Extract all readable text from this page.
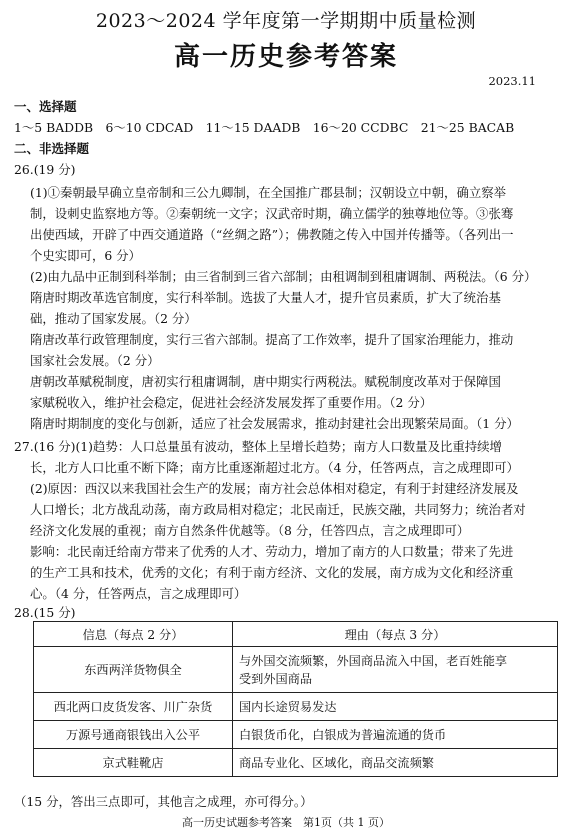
2023～2024 学年度第一学期期中质量检测
高一历史参考答案
2023.11
一、选择题
1～5 BADDB　6～10 CDCAD　11～15 DAADB　16～20 CCDBC　21～25 BACAB
二、非选择题
26.(19 分)
(1)①秦朝最早确立皇帝制和三公九卿制，在全国推广郡县制；汉朝设立中朝，确立察举
制，设刺史监察地方等。②秦朝统一文字；汉武帝时期，确立儒学的独尊地位等。③张骞
出使西域，开辟了中西交通道路（“丝绸之路”）；佛教随之传入中国并传播等。（各列出一
个史实即可，6 分）
(2)由九品中正制到科举制；由三省制到三省六部制；由租调制到租庸调制、两税法。（6 分）
隋唐时期改革选官制度，实行科举制。选拔了大量人才，提升官员素质，扩大了统治基
础，推动了国家发展。（2 分）
隋唐改革行政管理制度，实行三省六部制。提高了工作效率，提升了国家治理能力，推动
国家社会发展。（2 分）
唐朝改革赋税制度，唐初实行租庸调制，唐中期实行两税法。赋税制度改革对于保障国
家赋税收入，维护社会稳定，促进社会经济发展发挥了重要作用。（2 分）
隋唐时期制度的变化与创新，适应了社会发展需求，推动封建社会出现繁荣局面。（1 分）
27.(16 分)(1)趋势：人口总量虽有波动，整体上呈增长趋势；南方人口数量及比重持续增
长，北方人口比重不断下降；南方比重逐渐超过北方。（4 分，任答两点，言之成理即可）
(2)原因：西汉以来我国社会生产的发展；南方社会总体相对稳定，有利于封建经济发展及
人口增长；北方战乱动荡，南方政局相对稳定；北民南迁，民族交融，共同努力；统治者对
经济文化发展的重视；南方自然条件优越等。（8 分，任答四点，言之成理即可）
影响：北民南迁给南方带来了优秀的人才、劳动力，增加了南方的人口数量；带来了先进
的生产工具和技术，优秀的文化；有利于南方经济、文化的发展，南方成为文化和经济重
心。（4 分，任答两点，言之成理即可）
28.(15 分)
信息（每点 2 分）	理由（每点 3 分）
东西两洋货物俱全	与外国交流频繁，外国商品流入中国，老百姓能享
受到外国商品

西北两口皮货发客、川广杂货	国内长途贸易发达
万源号通商银钱出入公平	白银货币化，白银成为普遍流通的货币
京式鞋靴店	商品专业化、区域化，商品交流频繁
（15 分，答出三点即可，其他言之成理，亦可得分。）
高一历史试题参考答案　第1页（共 1 页）
